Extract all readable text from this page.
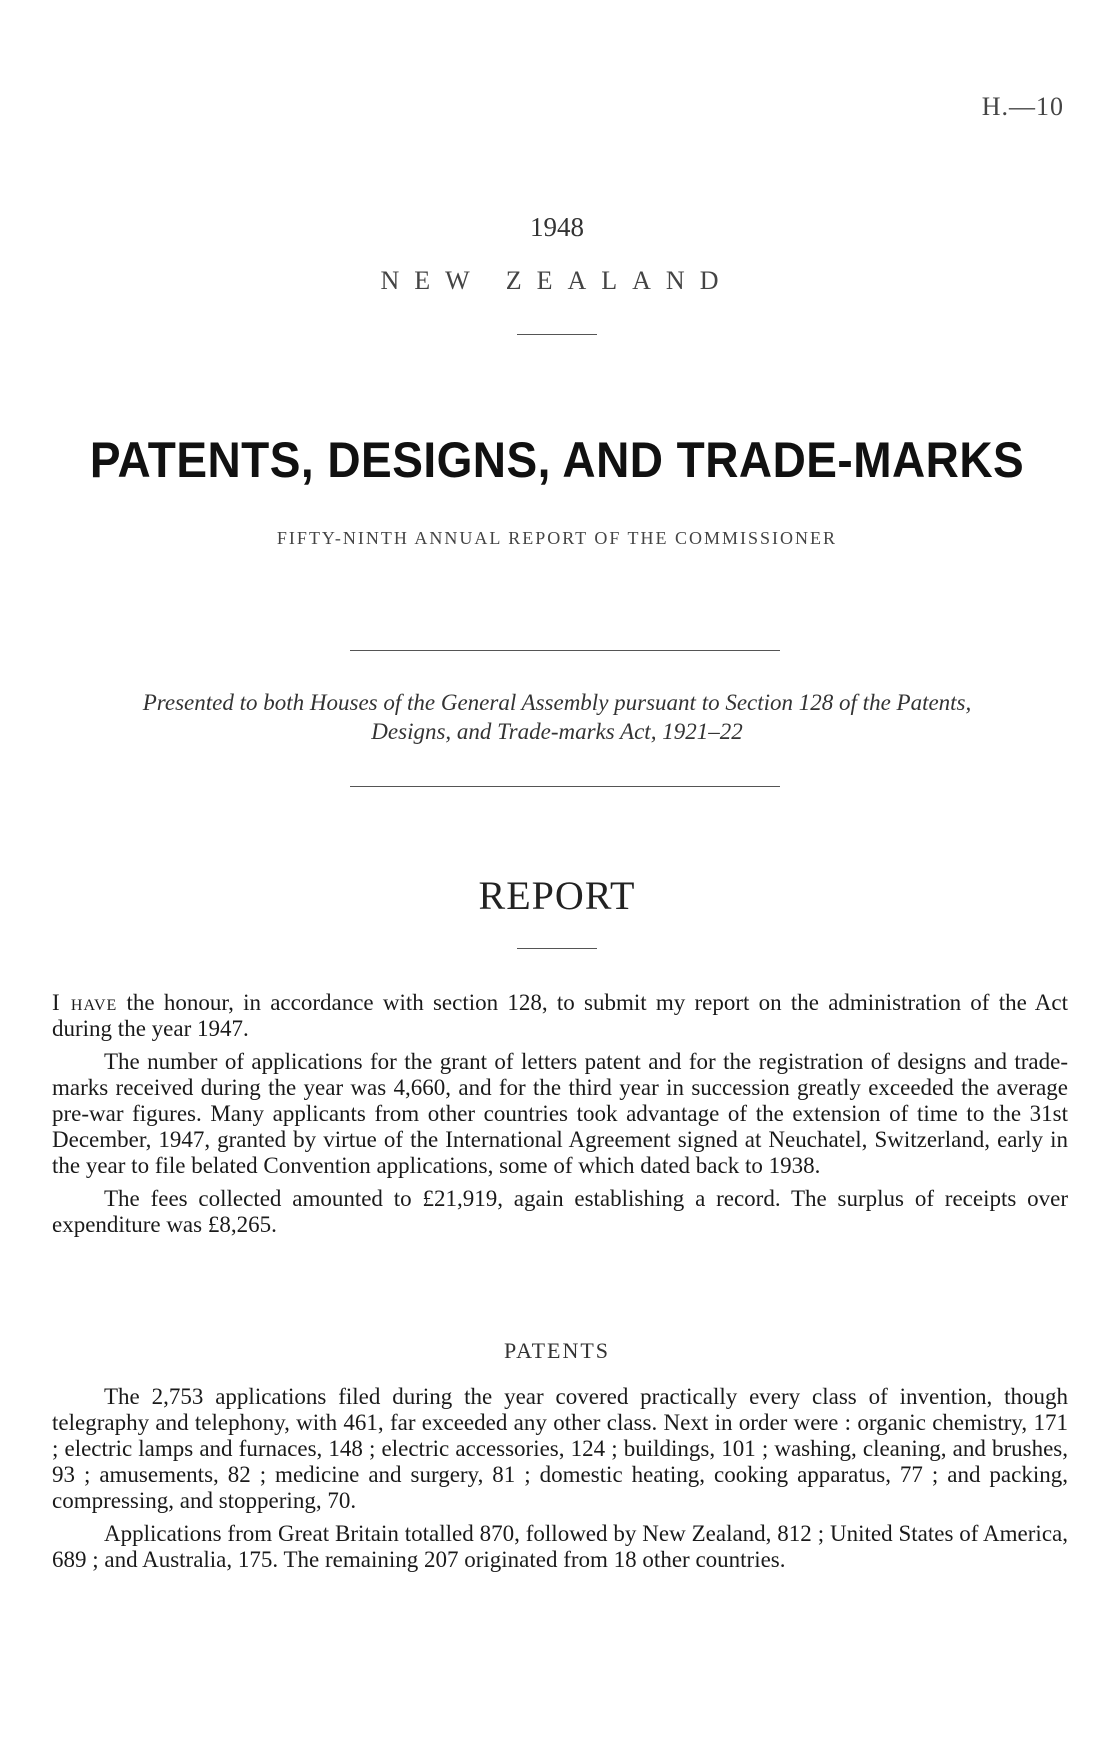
H.—10
1948
NEW ZEALAND
PATENTS, DESIGNS, AND TRADE-MARKS
FIFTY-NINTH ANNUAL REPORT OF THE COMMISSIONER
Presented to both Houses of the General Assembly pursuant to Section 128 of the Patents,
Designs, and Trade-marks Act, 1921–22
REPORT

I have the honour, in accordance with section 128, to submit my report on the administration of the Act during the year 1947.

The number of applications for the grant of letters patent and for the registration of designs and trade-marks received during the year was 4,660, and for the third year in succession greatly exceeded the average pre-war figures. Many applicants from other countries took advantage of the extension of time to the 31st December, 1947, granted by virtue of the International Agreement signed at Neuchatel, Switzerland, early in the year to file belated Convention applications, some of which dated back to 1938.

The fees collected amounted to £21,919, again establishing a record. The surplus of receipts over expenditure was £8,265.

PATENTS

The 2,753 applications filed during the year covered practically every class of invention, though telegraphy and telephony, with 461, far exceeded any other class. Next in order were : organic chemistry, 171 ; electric lamps and furnaces, 148 ; electric accessories, 124 ; buildings, 101 ; washing, cleaning, and brushes, 93 ; amusements, 82 ; medicine and surgery, 81 ; domestic heating, cooking apparatus, 77 ; and packing, compressing, and stoppering, 70.

Applications from Great Britain totalled 870, followed by New Zealand, 812 ; United States of America, 689 ; and Australia, 175. The remaining 207 originated from 18 other countries.
